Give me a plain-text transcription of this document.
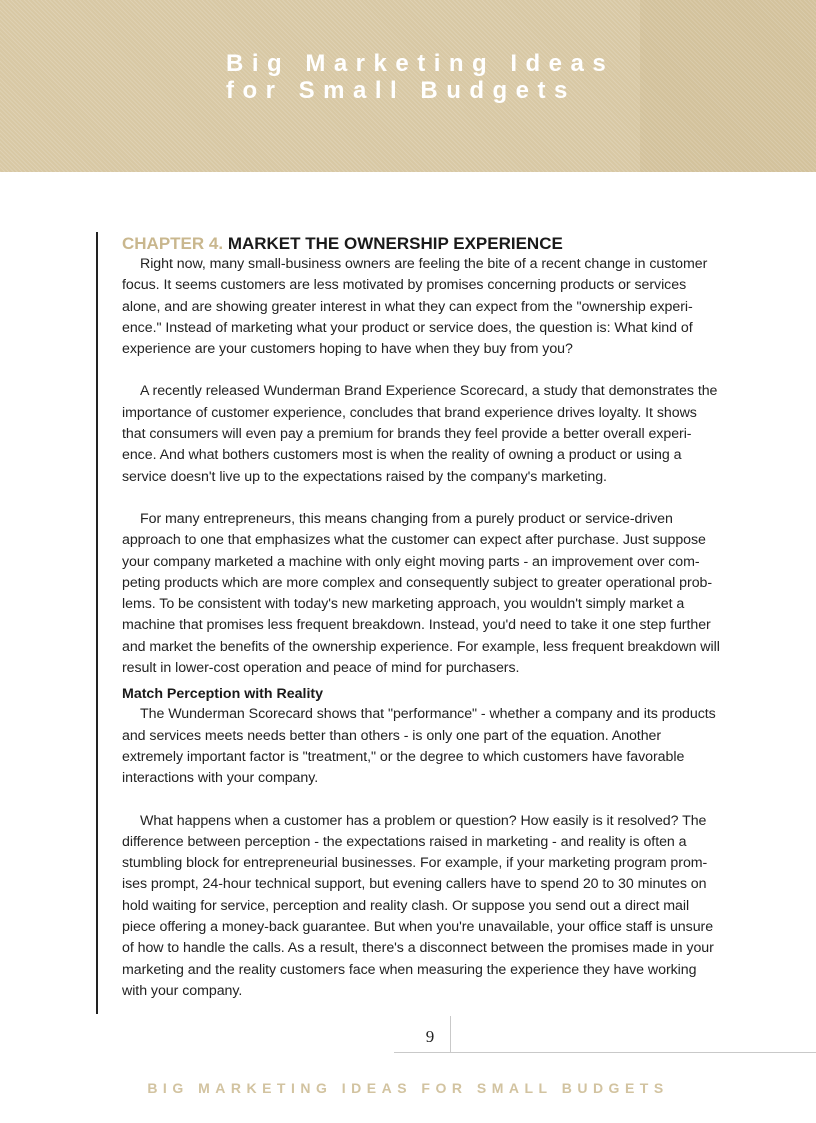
Big Marketing Ideas
for Small Budgets
CHAPTER 4. MARKET THE OWNERSHIP EXPERIENCE

Right now, many small-business owners are feeling the bite of a recent change in customer focus. It seems customers are less motivated by promises concerning products or services alone, and are showing greater interest in what they can expect from the "ownership experi-ence." Instead of marketing what your product or service does, the question is: What kind of experience are your customers hoping to have when they buy from you?

A recently released Wunderman Brand Experience Scorecard, a study that demonstrates the importance of customer experience, concludes that brand experience drives loyalty. It shows that consumers will even pay a premium for brands they feel provide a better overall experi-ence. And what bothers customers most is when the reality of owning a product or using a service doesn't live up to the expectations raised by the company's marketing.

For many entrepreneurs, this means changing from a purely product or service-driven approach to one that emphasizes what the customer can expect after purchase. Just suppose your company marketed a machine with only eight moving parts - an improvement over com-peting products which are more complex and consequently subject to greater operational prob-lems. To be consistent with today's new marketing approach, you wouldn't simply market a machine that promises less frequent breakdown. Instead, you'd need to take it one step further and market the benefits of the ownership experience. For example, less frequent breakdown will result in lower-cost operation and peace of mind for purchasers.

Match Perception with Reality

The Wunderman Scorecard shows that "performance" - whether a company and its products and services meets needs better than others - is only one part of the equation. Another extremely important factor is "treatment," or the degree to which customers have favorable interactions with your company.

What happens when a customer has a problem or question? How easily is it resolved? The difference between perception - the expectations raised in marketing - and reality is often a stumbling block for entrepreneurial businesses. For example, if your marketing program prom-ises prompt, 24-hour technical support, but evening callers have to spend 20 to 30 minutes on hold waiting for service, perception and reality clash. Or suppose you send out a direct mail piece offering a money-back guarantee. But when you're unavailable, your office staff is unsure of how to handle the calls. As a result, there's a disconnect between the promises made in your marketing and the reality customers face when measuring the experience they have working with your company.

9
BIG MARKETING IDEAS FOR SMALL BUDGETS
